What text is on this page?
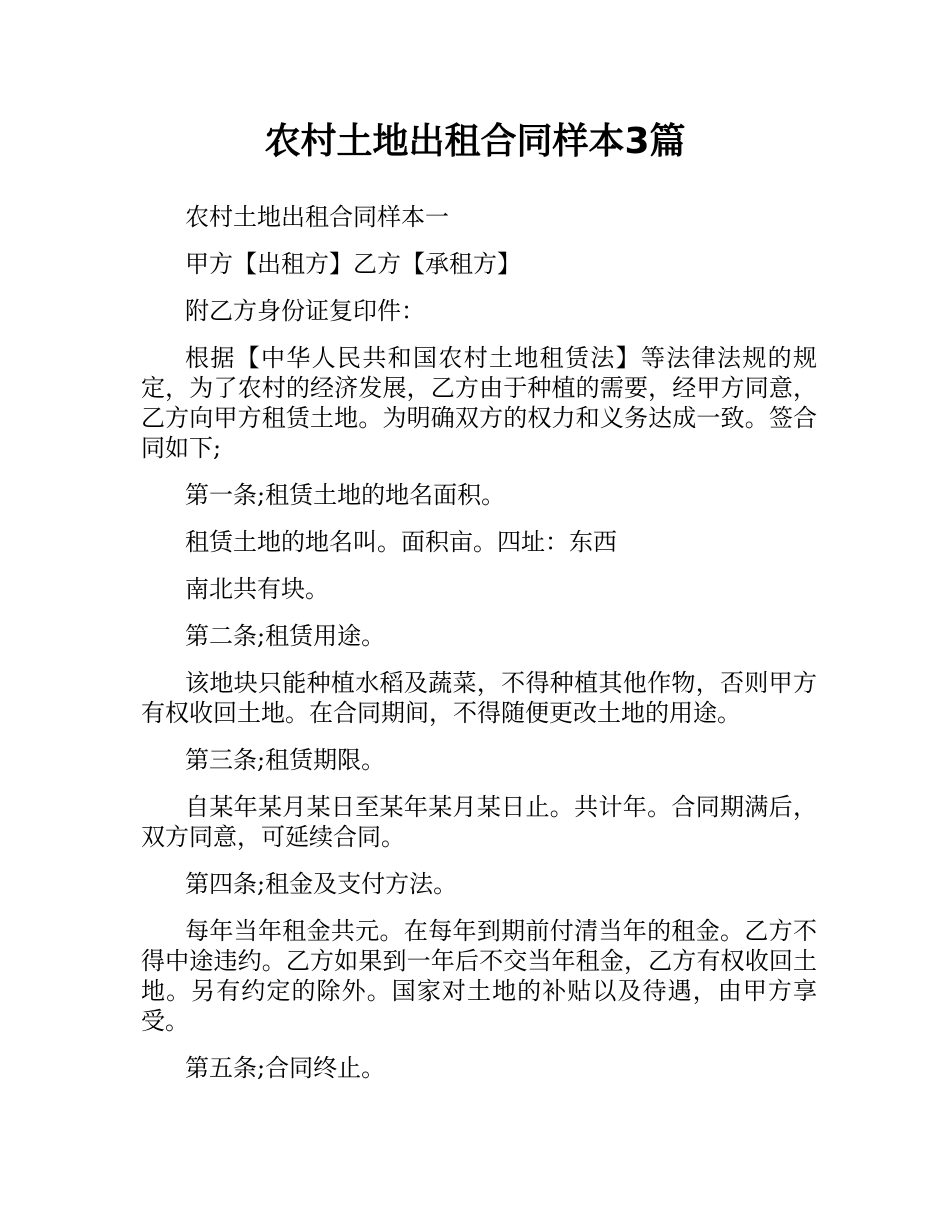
农村土地出租合同样本3篇

农村土地出租合同样本一

甲方【出租方】乙方【承租方】

附乙方身份证复印件：

根据【中华人民共和国农村土地租赁法】等法律法规的规定，为了农村的经济发展，乙方由于种植的需要，经甲方同意，乙方向甲方租赁土地。为明确双方的权力和义务达成一致。签合同如下;

第一条;租赁土地的地名面积。

租赁土地的地名叫。面积亩。四址：东西

南北共有块。

第二条;租赁用途。

该地块只能种植水稻及蔬菜，不得种植其他作物，否则甲方有权收回土地。在合同期间，不得随便更改土地的用途。

第三条;租赁期限。

自某年某月某日至某年某月某日止。共计年。合同期满后，双方同意，可延续合同。

第四条;租金及支付方法。

每年当年租金共元。在每年到期前付清当年的租金。乙方不得中途违约。乙方如果到一年后不交当年租金，乙方有权收回土地。另有约定的除外。国家对土地的补贴以及待遇，由甲方享受。

第五条;合同终止。
